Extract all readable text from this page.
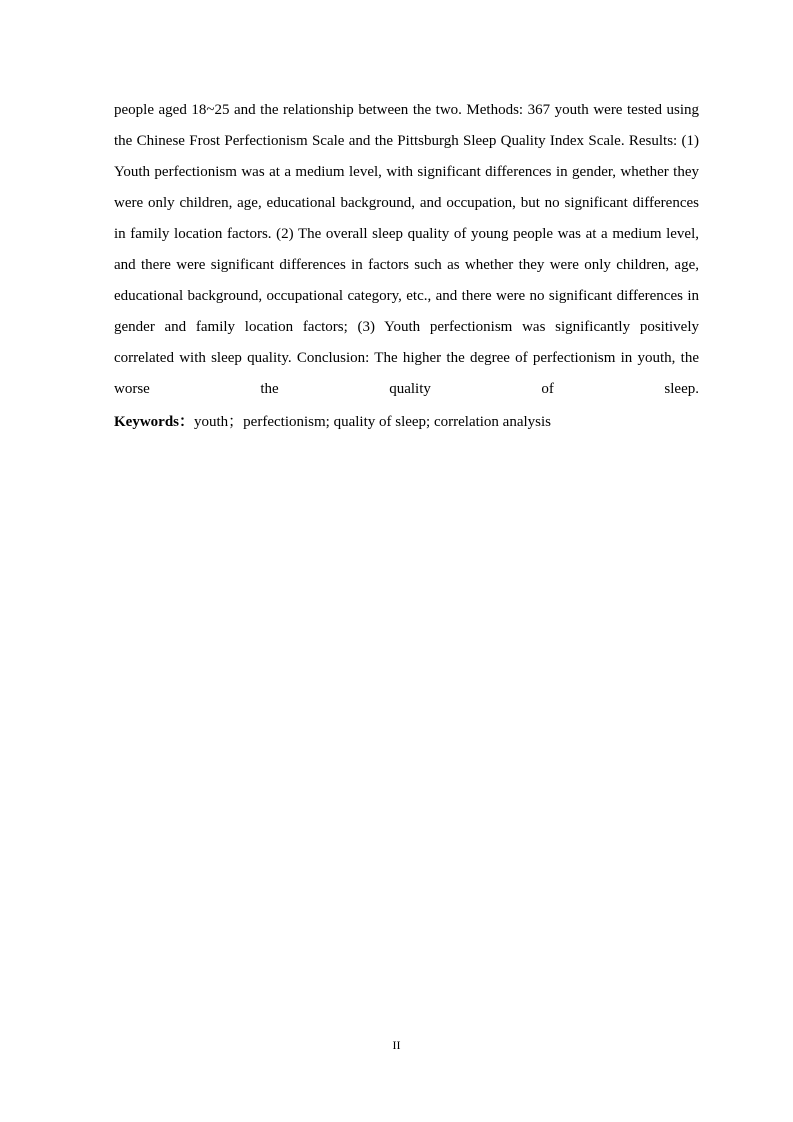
people aged 18~25 and the relationship between the two. Methods: 367 youth were tested using the Chinese Frost Perfectionism Scale and the Pittsburgh Sleep Quality Index Scale. Results: (1) Youth perfectionism was at a medium level, with significant differences in gender, whether they were only children, age, educational background, and occupation, but no significant differences in family location factors. (2) The overall sleep quality of young people was at a medium level, and there were significant differences in factors such as whether they were only children, age, educational background, occupational category, etc., and there were no significant differences in gender and family location factors; (3) Youth perfectionism was significantly positively correlated with sleep quality. Conclusion: The higher the degree of perfectionism in youth, the worse the quality of sleep.

Keywords：youth；perfectionism; quality of sleep; correlation analysis

II
